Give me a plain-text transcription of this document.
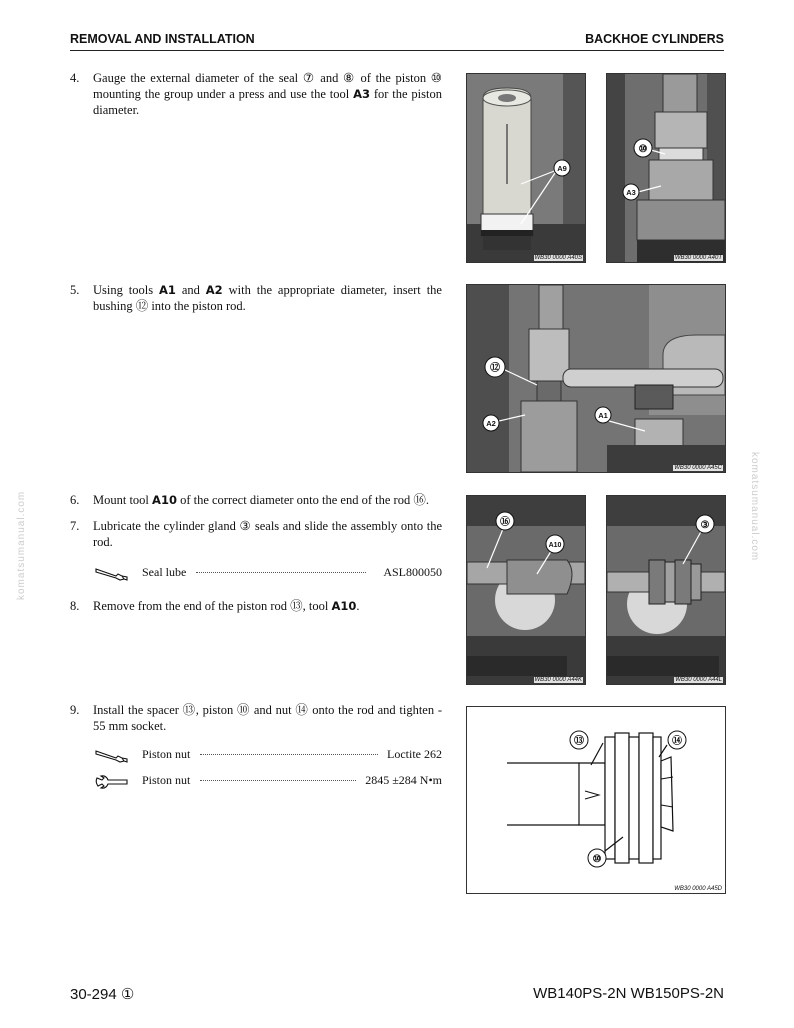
REMOVAL AND INSTALLATION	BACKHOE CYLINDERS
4. Gauge the external diameter of the seal ⑦ and ⑧ of the piston ⑩ mounting the group under a press and use the tool A3 for the piston diameter.
5. Using tools A1 and A2 with the appropriate diameter, insert the bushing ⑫ into the piston rod.
6. Mount tool A10 of the correct diameter onto the end of the rod ⑯.
7. Lubricate the cylinder gland ③ seals and slide the assembly onto the rod.
Seal lube	ASL800050
8. Remove from the end of the piston rod ⑬, tool A10.
9. Install the spacer ⑬, piston ⑩ and nut ⑭ onto the rod and tighten - 55 mm socket.
Piston nut	Loctite 262
Piston nut	2845 ±284 N•m
A9
WB30 0000 A40S
⑩
A3
WB30 0000 A40T
⑫
A2
A1
WB30 0000 A45C
⑯
A10
WB30 0000 A44K
③
WB30 0000 A44L
⑬	⑭
⑩
WB30 0000 A45D
komatsumanual.com	komatsumanual.com
30-294 ①	WB140PS-2N WB150PS-2N
